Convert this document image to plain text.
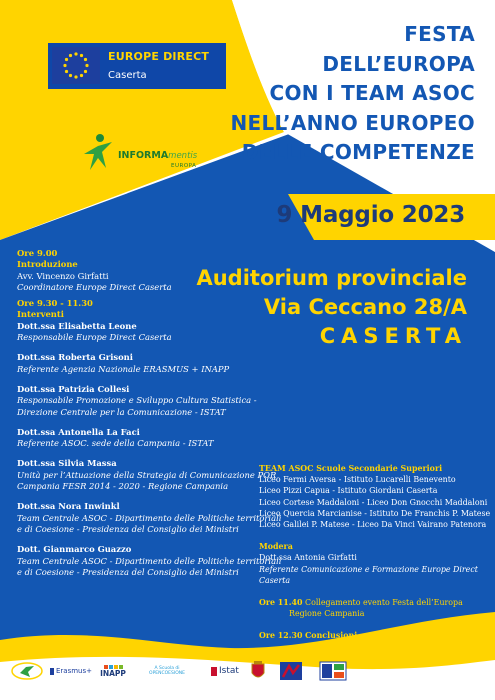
EUROPE DIRECT
Caserta
INFORMAmentis
EUROPA
FESTA
DELL’EUROPA
CON I TEAM ASOC
NELL’ANNO EUROPEO
DELLE COMPETENZE
9 Maggio 2023
Auditorium provinciale
Via Ceccano 28/A
CASERTA
Ore 9.00
Introduzione
Avv. Vincenzo Girfatti
Coordinatore Europe Direct Caserta
Ore 9.30 - 11.30
Interventi
Dott.ssa Elisabetta Leone
Responsabile Europe Direct Caserta
Dott.ssa Roberta Grisoni
Referente Agenzia Nazionale ERASMUS + INAPP
Dott.ssa Patrizia Collesi
Responsabile Promozione e Sviluppo Cultura Statistica - Direzione Centrale per la Comunicazione - ISTAT
Dott.ssa Antonella La Faci
Referente ASOC. sede della Campania - ISTAT
Dott.ssa Silvia Massa
Unità per l’Attuazione della Strategia di Comunicazione POR Campania FESR 2014 - 2020 - Regione Campania
Dott.ssa Nora Inwinkl
Team Centrale ASOC - Dipartimento delle Politiche territoriali e di Coesione - Presidenza del Consiglio dei Ministri
Dott. Gianmarco Guazzo
Team Centrale ASOC - Dipartimento delle Politiche territoriali e di Coesione - Presidenza del Consiglio dei Ministri
TEAM ASOC Scuole Secondarie Superiori
Liceo Fermi Aversa - Istituto Lucarelli Benevento
Liceo Pizzi Capua - Istituto Giordani Caserta
Liceo Cortese Maddaloni - Liceo Don Gnocchi Maddaloni
Liceo Quercia Marcianise - Istituto De Franchis P. Matese
Liceo Galilei P. Matese - Liceo Da Vinci Vairano Patenora
Modera
Dott.ssa Antonia Girfatti
Referente Comunicazione e Formazione Europe Direct Caserta
Ore 11.40 Collegamento evento Festa dell’Europa
Regione Campania
Ore 12.30 Conclusioni
Erasmus+ INAPP	A Scuola di OPENCOESIONE	Istat
